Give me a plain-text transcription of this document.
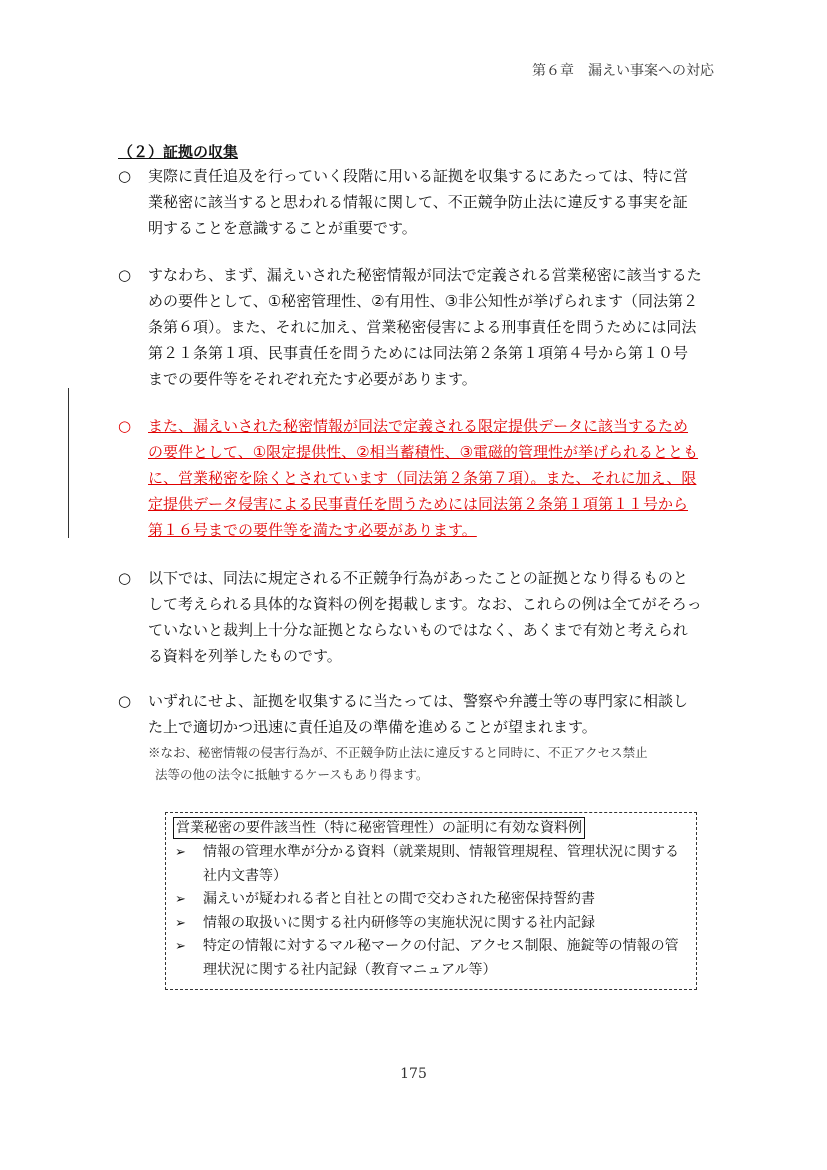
第６章　漏えい事案への対応
（２）証拠の収集
○	実際に責任追及を行っていく段階に用いる証拠を収集するにあたっては、特に営業秘密に該当すると思われる情報に関して、不正競争防止法に違反する事実を証明することを意識することが重要です。
○	すなわち、まず、漏えいされた秘密情報が同法で定義される営業秘密に該当するための要件として、①秘密管理性、②有用性、③非公知性が挙げられます（同法第２条第６項）。また、それに加え、営業秘密侵害による刑事責任を問うためには同法第２１条第１項、民事責任を問うためには同法第２条第１項第４号から第１０号までの要件等をそれぞれ充たす必要があります。
○	また、漏えいされた秘密情報が同法で定義される限定提供データに該当するための要件として、①限定提供性、②相当蓄積性、③電磁的管理性が挙げられるとともに、営業秘密を除くとされています（同法第２条第７項）。また、それに加え、限定提供データ侵害による民事責任を問うためには同法第２条第１項第１１号から第１６号までの要件等を満たす必要があります。
○	以下では、同法に規定される不正競争行為があったことの証拠となり得るものとして考えられる具体的な資料の例を掲載します。なお、これらの例は全てがそろっていないと裁判上十分な証拠とならないものではなく、あくまで有効と考えられる資料を列挙したものです。
○	いずれにせよ、証拠を収集するに当たっては、警察や弁護士等の専門家に相談した上で適切かつ迅速に責任追及の準備を進めることが望まれます。
※なお、秘密情報の侵害行為が、不正競争防止法に違反すると同時に、不正アクセス禁止
法等の他の法令に抵触するケースもあり得ます。
営業秘密の要件該当性（特に秘密管理性）の証明に有効な資料例
➢ 情報の管理水準が分かる資料（就業規則、情報管理規程、管理状況に関する社内文書等）
➢ 漏えいが疑われる者と自社との間で交わされた秘密保持誓約書
➢ 情報の取扱いに関する社内研修等の実施状況に関する社内記録
➢ 特定の情報に対するマル秘マークの付記、アクセス制限、施錠等の情報の管理状況に関する社内記録（教育マニュアル等）
175
